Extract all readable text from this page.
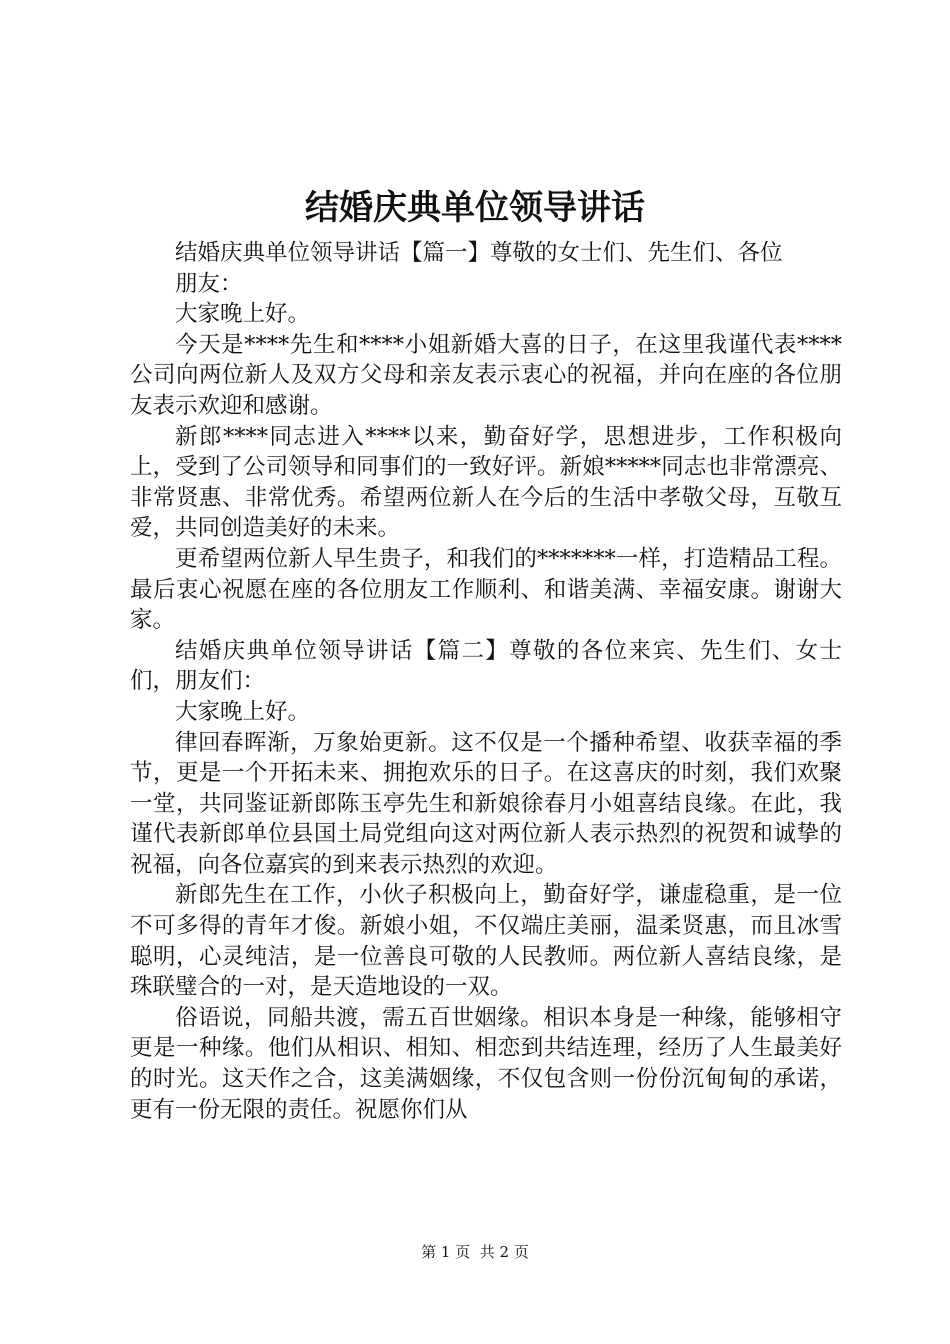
结婚庆典单位领导讲话

结婚庆典单位领导讲话【篇一】尊敬的女士们、先生们、各位

朋友：

大家晚上好。

今天是****先生和****小姐新婚大喜的日子，在这里我谨代表****公司向两位新人及双方父母和亲友表示衷心的祝福，并向在座的各位朋友表示欢迎和感谢。

新郎****同志进入****以来，勤奋好学，思想进步，工作积极向上，受到了公司领导和同事们的一致好评。新娘*****同志也非常漂亮、非常贤惠、非常优秀。希望两位新人在今后的生活中孝敬父母，互敬互爱，共同创造美好的未来。

更希望两位新人早生贵子，和我们的*******一样，打造精品工程。最后衷心祝愿在座的各位朋友工作顺利、和谐美满、幸福安康。谢谢大家。

结婚庆典单位领导讲话【篇二】尊敬的各位来宾、先生们、女士们，朋友们：

大家晚上好。

律回春晖渐，万象始更新。这不仅是一个播种希望、收获幸福的季节，更是一个开拓未来、拥抱欢乐的日子。在这喜庆的时刻，我们欢聚一堂，共同鉴证新郎陈玉亭先生和新娘徐春月小姐喜结良缘。在此，我谨代表新郎单位县国土局党组向这对两位新人表示热烈的祝贺和诚挚的祝福，向各位嘉宾的到来表示热烈的欢迎。

新郎先生在工作，小伙子积极向上，勤奋好学，谦虚稳重，是一位不可多得的青年才俊。新娘小姐，不仅端庄美丽，温柔贤惠，而且冰雪聪明，心灵纯洁，是一位善良可敬的人民教师。两位新人喜结良缘，是珠联璧合的一对，是天造地设的一双。

俗语说，同船共渡，需五百世姻缘。相识本身是一种缘，能够相守更是一种缘。他们从相识、相知、相恋到共结连理，经历了人生最美好的时光。这天作之合，这美满姻缘，不仅包含则一份份沉甸甸的承诺，更有一份无限的责任。祝愿你们从

第 1 页  共 2 页
